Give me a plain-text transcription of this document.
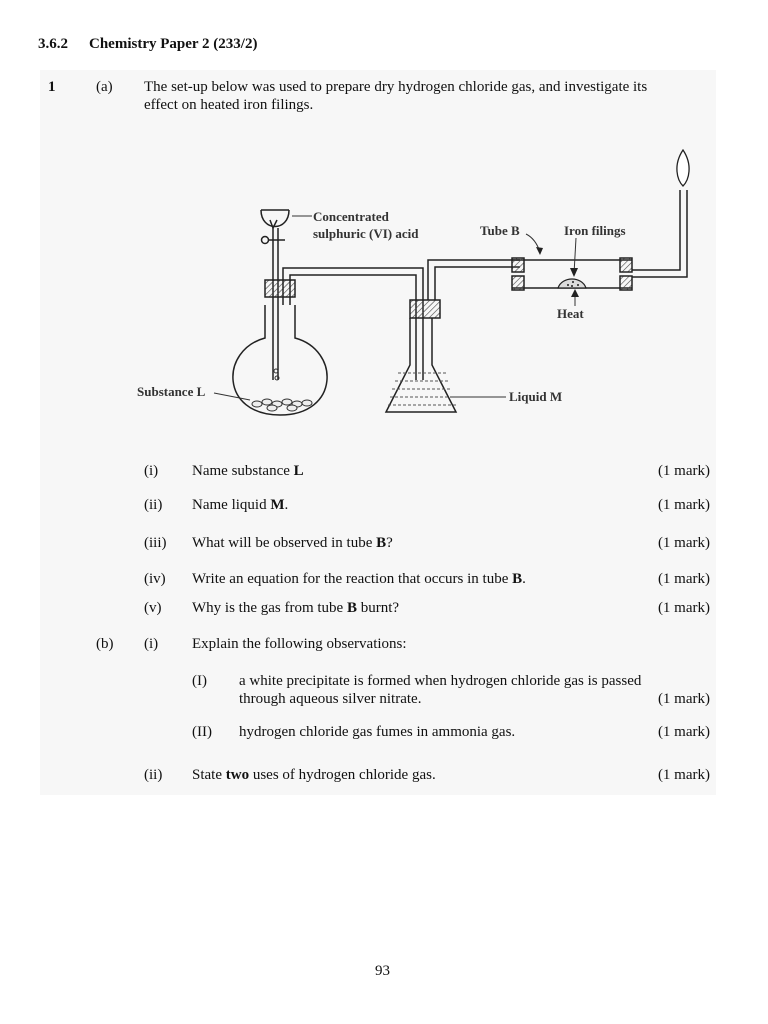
3.6.2 Chemistry Paper 2 (233/2)
1	(a) The set-up below was used to prepare dry hydrogen chloride gas, and investigate its
effect on heated iron filings.
Concentrated
sulphuric (VI) acid	Tube B	Iron filings
Heat
Substance L	Liquid M
(i) Name substance L	(1 mark)
(ii) Name liquid M.	(1 mark)
(iii) What will be observed in tube B?	(1 mark)
(iv) Write an equation for the reaction that occurs in tube B.	(1 mark)
(v) Why is the gas from tube B burnt?	(1 mark)
(b) (i) Explain the following observations:
(I) a white precipitate is formed when hydrogen chloride gas is passed
through aqueous silver nitrate.	(1 mark)
(II) hydrogen chloride gas fumes in ammonia gas.	(1 mark)
(ii) State two uses of hydrogen chloride gas.	(1 mark)
93
